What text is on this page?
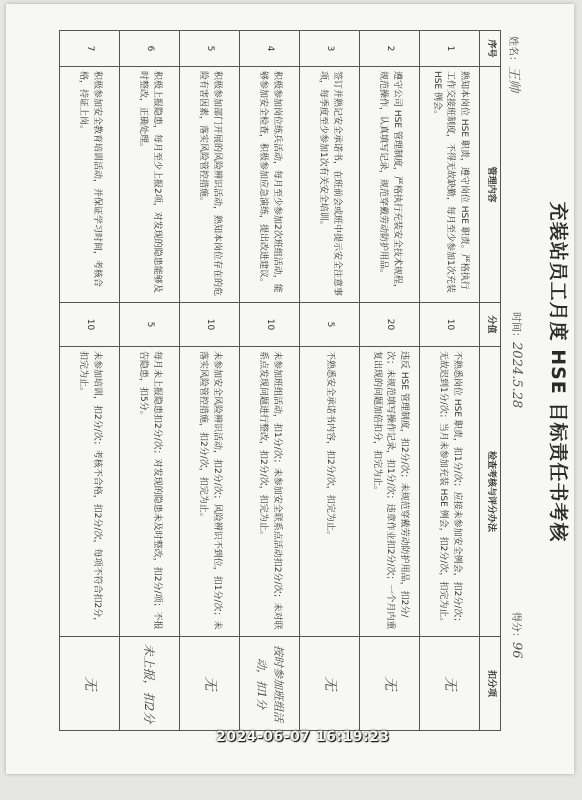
充装站员工月度 HSE 目标责任书考核
姓名：王帅
时间：2024.5.28
得分：96
序号	管理内容	分值	检查考核与评分办法	扣分项
1	熟知本岗位 HSE 职责，遵守岗位 HSE 职责。严格执行工作交接班制度，不得无故缺勤，每月至少参加1次充装 HSE 例会。	10	不熟悉岗位 HSE 职责，扣1分/次；应接未参加安全例会，扣2分/次；无故迟到1分/次；当月未参加充装 HSE 例会，扣2分/次，扣完为止。	无
2	遵守公司 HSE 管理制度，严格执行充装安全技术规程，规范操作，认真填写记录，规范穿戴劳动防护用品。	20	违反 HSE 管理制度，扣2分/次；未规范穿戴劳动防护用品，扣2分/次；未规范填写操作记录，扣1分/次；违章作业扣2分/次；一个月内重复出现的问题加倍扣分，扣完为止。	无
3	签订并熟记安全承诺书，在班前会或班中提示安全注意事项，每季度至少参加1次有关安全培训。	5	不熟悉安全承诺书内容，扣2分/次，扣完为止。	无
4	积极参加岗位练兵活动，每月至少参加2次班组活动，能够参加安全检查，积极参加应急演练，提出改进建议。	10	未参加班组活动，扣1分/次；未参加安全联系点活动扣2分/次；未对联系点发现问题进行整改，扣2分/次，扣完为止。	按时参加班组活动，扣1分
5	积极参加部门开展的风险辨识活动，熟知本岗位存在的危险有害因素，落实风险管控措施。	10	未参加安全风险辨识活动，扣2分/次；风险辨识不到位，扣1分/次；未落实风险管控措施，扣2分/次，扣完为止。	无
6	积极上报隐患，每月至少上报2项，对发现的隐患能够及时整改，正确处理。	5	每月未上报隐患扣2分/次；对发现的隐患未及时整改，扣2分/项；不报告隐患，扣5分。	未上报，扣2分
7	积极参加安全教育培训活动，并保证学习时间，考核合格，持证上岗。	10	未参加培训，扣2分/次；考核不合格，扣2分/次，每项不符合扣2分，扣完为止。	无
2024-06-07 16:19:23
